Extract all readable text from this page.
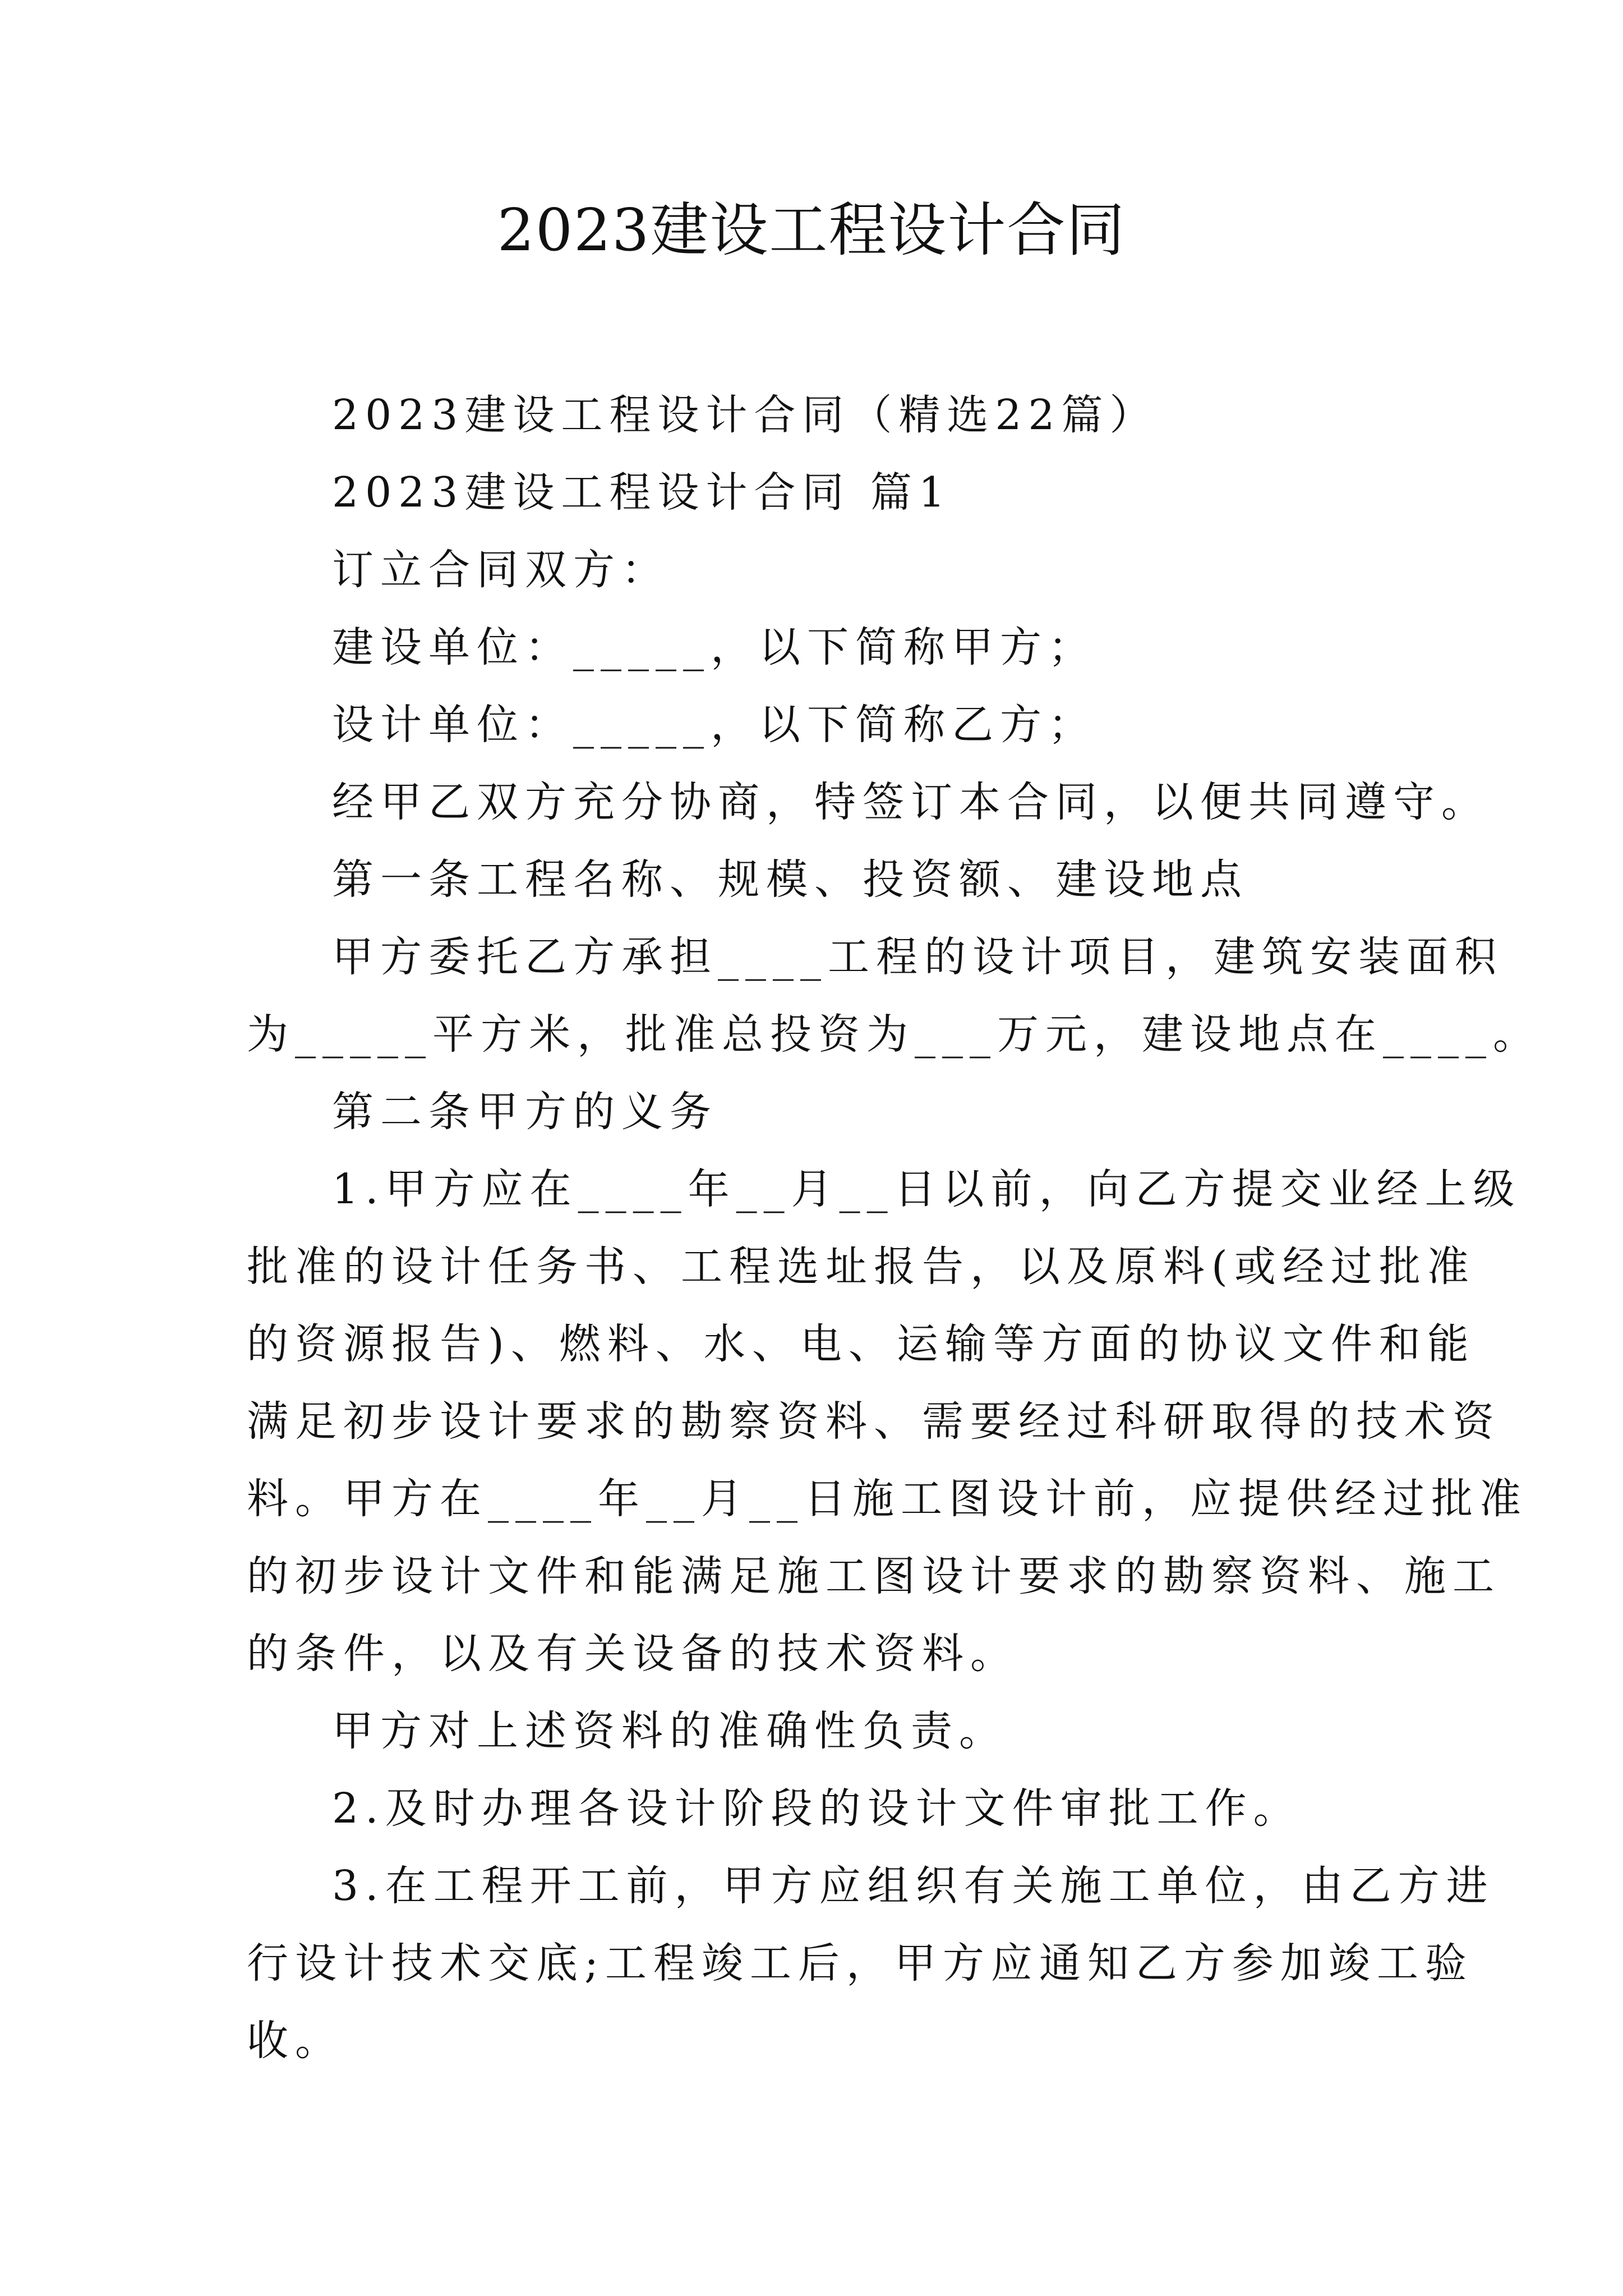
2023建设工程设计合同
2023建设工程设计合同（精选22篇）
2023建设工程设计合同 篇1
订立合同双方：
建设单位：_____，以下简称甲方；
设计单位：_____，以下简称乙方；
经甲乙双方充分协商，特签订本合同，以便共同遵守。
第一条工程名称、规模、投资额、建设地点
甲方委托乙方承担____工程的设计项目，建筑安装面积
为_____平方米，批准总投资为___万元，建设地点在____。
第二条甲方的义务
1.甲方应在____年__月__日以前，向乙方提交业经上级
批准的设计任务书、工程选址报告，以及原料(或经过批准
的资源报告)、燃料、水、电、运输等方面的协议文件和能
满足初步设计要求的勘察资料、需要经过科研取得的技术资
料。甲方在____年__月__日施工图设计前，应提供经过批准
的初步设计文件和能满足施工图设计要求的勘察资料、施工
的条件，以及有关设备的技术资料。
甲方对上述资料的准确性负责。
2.及时办理各设计阶段的设计文件审批工作。
3.在工程开工前，甲方应组织有关施工单位，由乙方进
行设计技术交底;工程竣工后，甲方应通知乙方参加竣工验
收。
